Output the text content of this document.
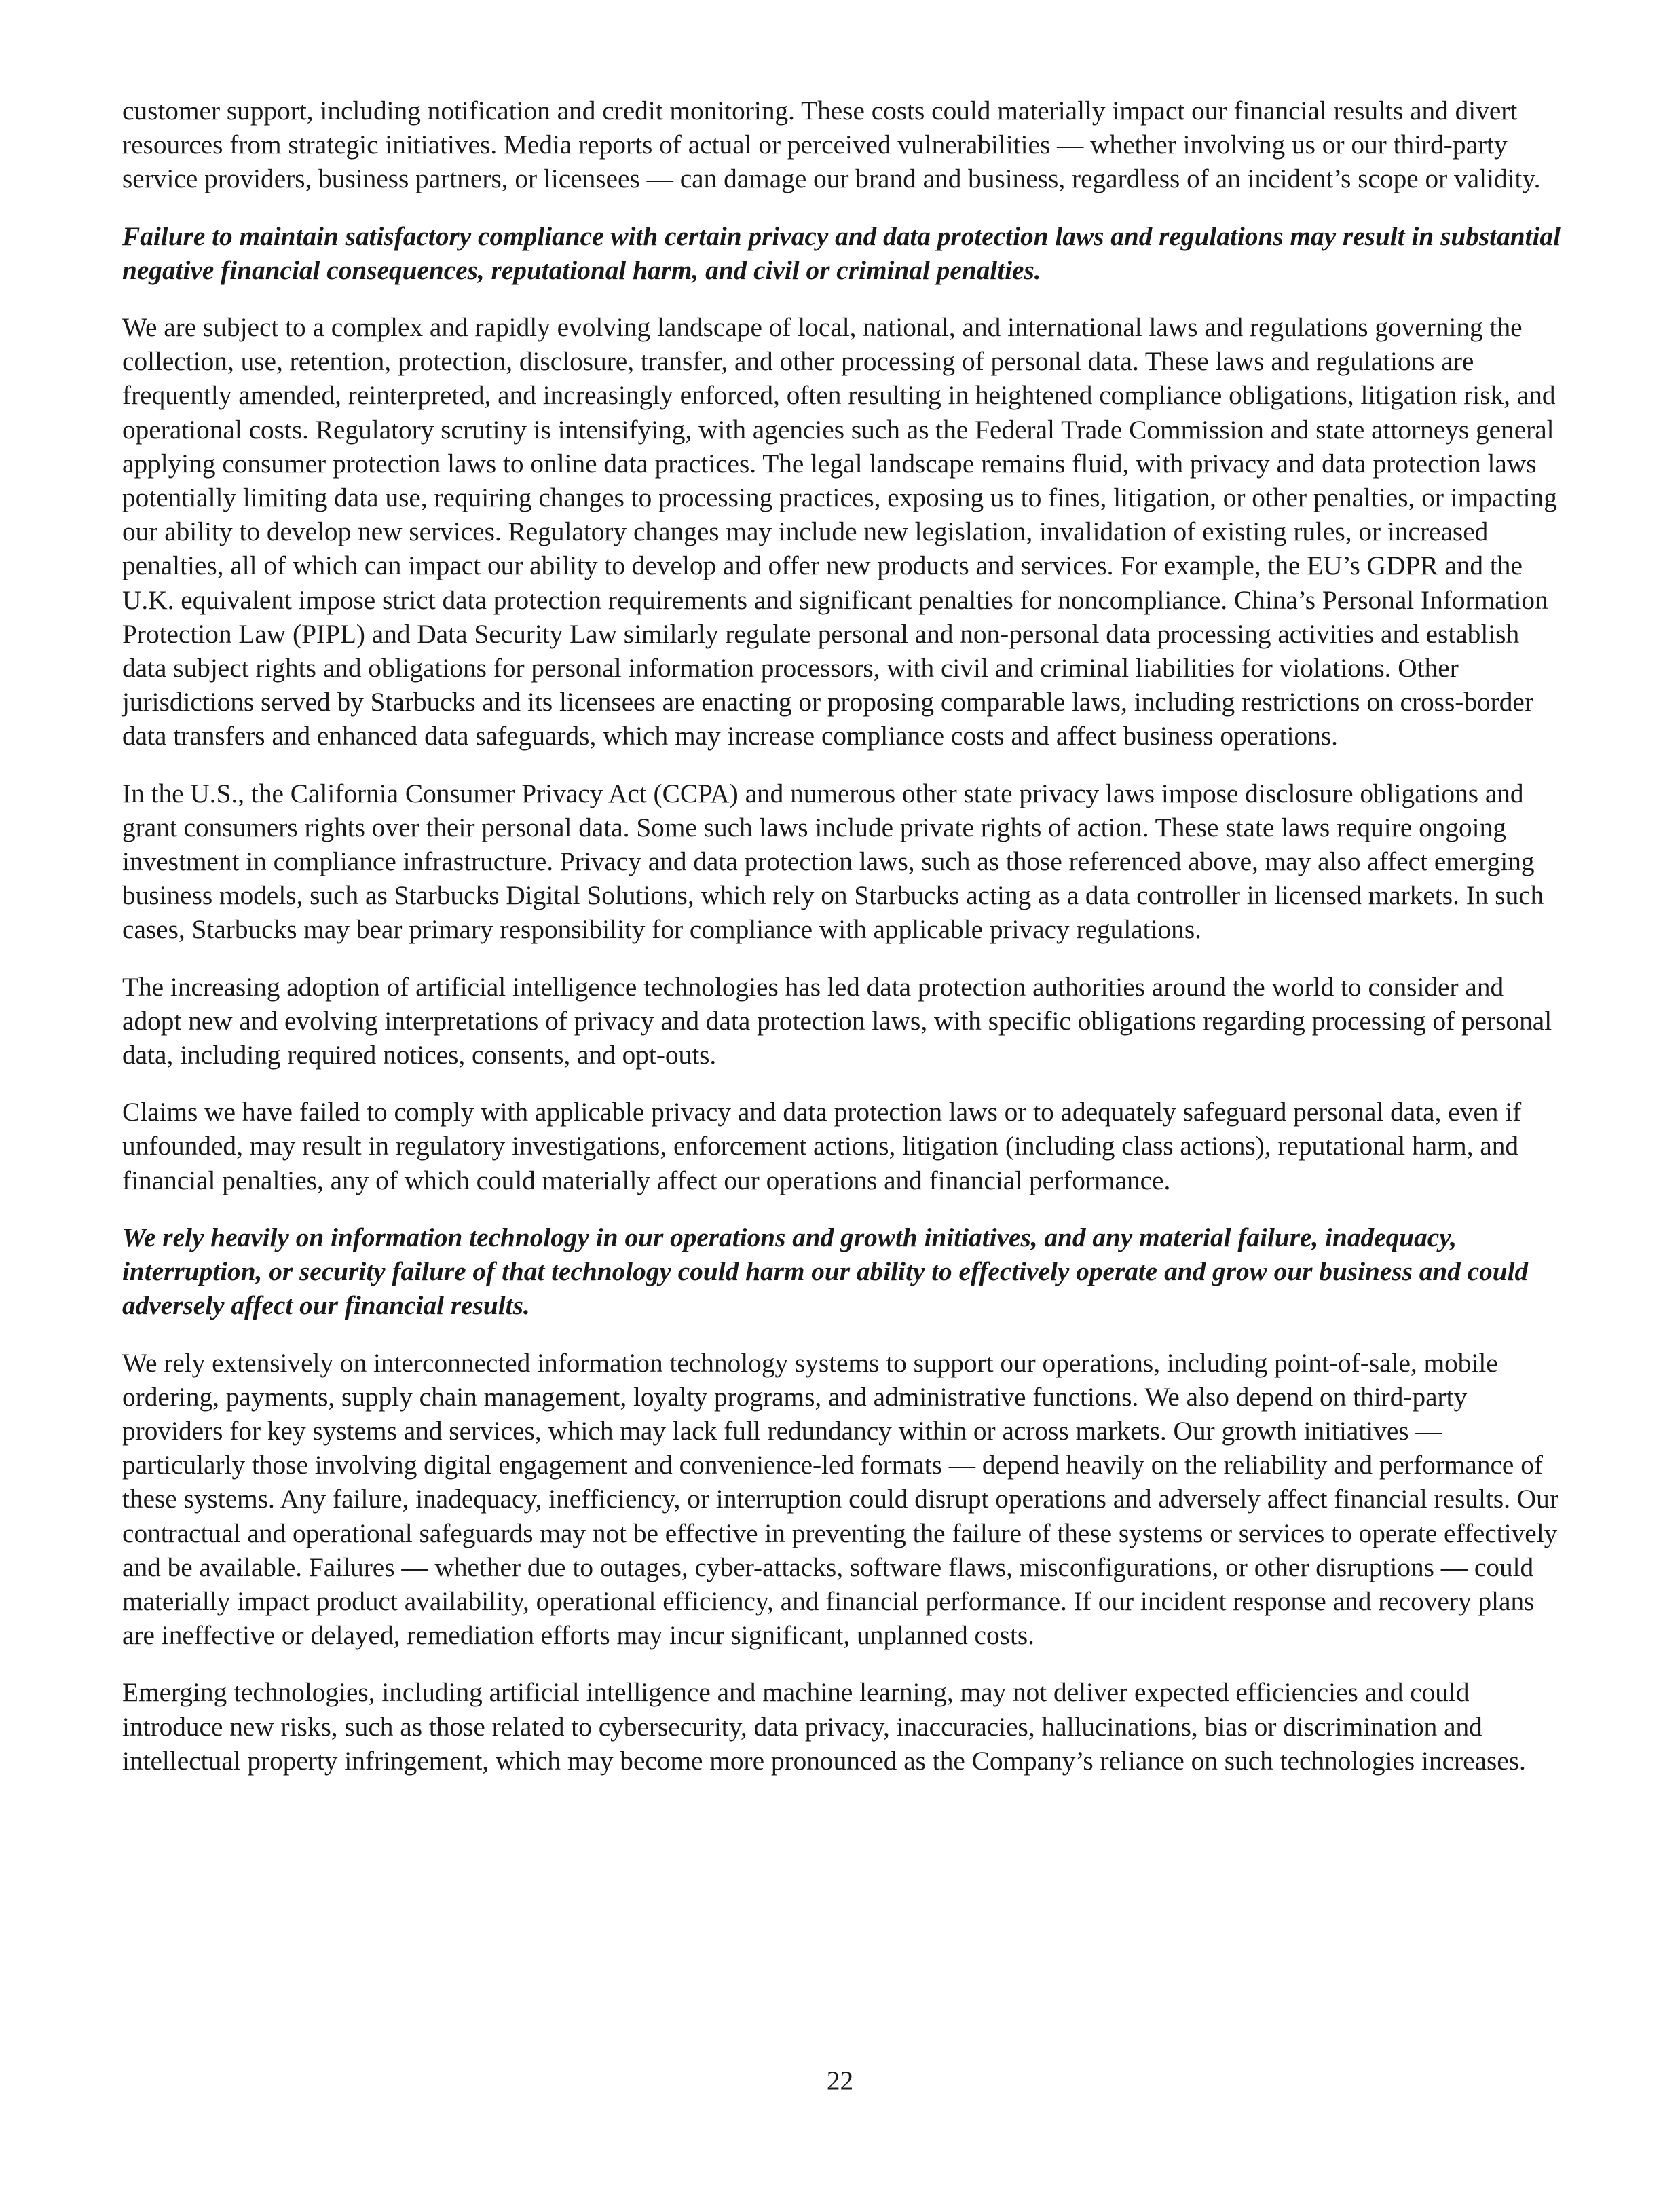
customer support, including notification and credit monitoring. These costs could materially impact our financial results and divert resources from strategic initiatives. Media reports of actual or perceived vulnerabilities — whether involving us or our third-party service providers, business partners, or licensees — can damage our brand and business, regardless of an incident’s scope or validity.

Failure to maintain satisfactory compliance with certain privacy and data protection laws and regulations may result in substantial negative financial consequences, reputational harm, and civil or criminal penalties.

We are subject to a complex and rapidly evolving landscape of local, national, and international laws and regulations governing the collection, use, retention, protection, disclosure, transfer, and other processing of personal data. These laws and regulations are frequently amended, reinterpreted, and increasingly enforced, often resulting in heightened compliance obligations, litigation risk, and operational costs. Regulatory scrutiny is intensifying, with agencies such as the Federal Trade Commission and state attorneys general applying consumer protection laws to online data practices. The legal landscape remains fluid, with privacy and data protection laws potentially limiting data use, requiring changes to processing practices, exposing us to fines, litigation, or other penalties, or impacting our ability to develop new services. Regulatory changes may include new legislation, invalidation of existing rules, or increased penalties, all of which can impact our ability to develop and offer new products and services. For example, the EU’s GDPR and the U.K. equivalent impose strict data protection requirements and significant penalties for noncompliance. China’s Personal Information Protection Law (PIPL) and Data Security Law similarly regulate personal and non-personal data processing activities and establish data subject rights and obligations for personal information processors, with civil and criminal liabilities for violations. Other jurisdictions served by Starbucks and its licensees are enacting or proposing comparable laws, including restrictions on cross-border data transfers and enhanced data safeguards, which may increase compliance costs and affect business operations.

In the U.S., the California Consumer Privacy Act (CCPA) and numerous other state privacy laws impose disclosure obligations and grant consumers rights over their personal data. Some such laws include private rights of action. These state laws require ongoing investment in compliance infrastructure. Privacy and data protection laws, such as those referenced above, may also affect emerging business models, such as Starbucks Digital Solutions, which rely on Starbucks acting as a data controller in licensed markets. In such cases, Starbucks may bear primary responsibility for compliance with applicable privacy regulations.

The increasing adoption of artificial intelligence technologies has led data protection authorities around the world to consider and adopt new and evolving interpretations of privacy and data protection laws, with specific obligations regarding processing of personal data, including required notices, consents, and opt-outs.

Claims we have failed to comply with applicable privacy and data protection laws or to adequately safeguard personal data, even if unfounded, may result in regulatory investigations, enforcement actions, litigation (including class actions), reputational harm, and financial penalties, any of which could materially affect our operations and financial performance.

We rely heavily on information technology in our operations and growth initiatives, and any material failure, inadequacy, interruption, or security failure of that technology could harm our ability to effectively operate and grow our business and could adversely affect our financial results.

We rely extensively on interconnected information technology systems to support our operations, including point-of-sale, mobile ordering, payments, supply chain management, loyalty programs, and administrative functions. We also depend on third-party providers for key systems and services, which may lack full redundancy within or across markets. Our growth initiatives — particularly those involving digital engagement and convenience-led formats — depend heavily on the reliability and performance of these systems. Any failure, inadequacy, inefficiency, or interruption could disrupt operations and adversely affect financial results. Our contractual and operational safeguards may not be effective in preventing the failure of these systems or services to operate effectively and be available. Failures — whether due to outages, cyber-attacks, software flaws, misconfigurations, or other disruptions — could materially impact product availability, operational efficiency, and financial performance. If our incident response and recovery plans are ineffective or delayed, remediation efforts may incur significant, unplanned costs.

Emerging technologies, including artificial intelligence and machine learning, may not deliver expected efficiencies and could introduce new risks, such as those related to cybersecurity, data privacy, inaccuracies, hallucinations, bias or discrimination and intellectual property infringement, which may become more pronounced as the Company’s reliance on such technologies increases.

22
